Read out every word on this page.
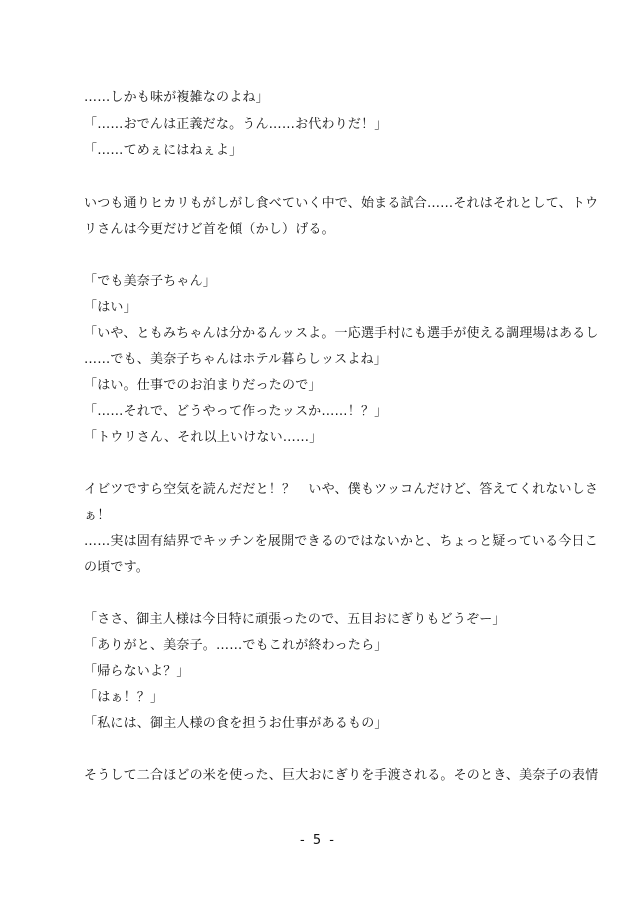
……しかも味が複雑なのよね」
「……おでんは正義だな。うん……お代わりだ！」
「……てめぇにはねぇよ」
いつも通りヒカリもがしがし食べていく中で、始まる試合……それはそれとして、トウ
リさんは今更だけど首を傾（かし）げる。
「でも美奈子ちゃん」
「はい」
「いや、ともみちゃんは分かるんッスよ。一応選手村にも選手が使える調理場はあるし
……でも、美奈子ちゃんはホテル暮らしッスよね」
「はい。仕事でのお泊まりだったので」
「……それで、どうやって作ったッスか……！？」
「トウリさん、それ以上いけない……」
イビツですら空気を読んだだと！？　いや、僕もツッコんだけど、答えてくれないしさ
ぁ！
……実は固有結界でキッチンを展開できるのではないかと、ちょっと疑っている今日こ
の頃です。
「ささ、御主人様は今日特に頑張ったので、五目おにぎりもどうぞー」
「ありがと、美奈子。……でもこれが終わったら」
「帰らないよ？」
「はぁ！？」
「私には、御主人様の食を担うお仕事があるもの」
そうして二合ほどの米を使った、巨大おにぎりを手渡される。そのとき、美奈子の表情
- 5 -
